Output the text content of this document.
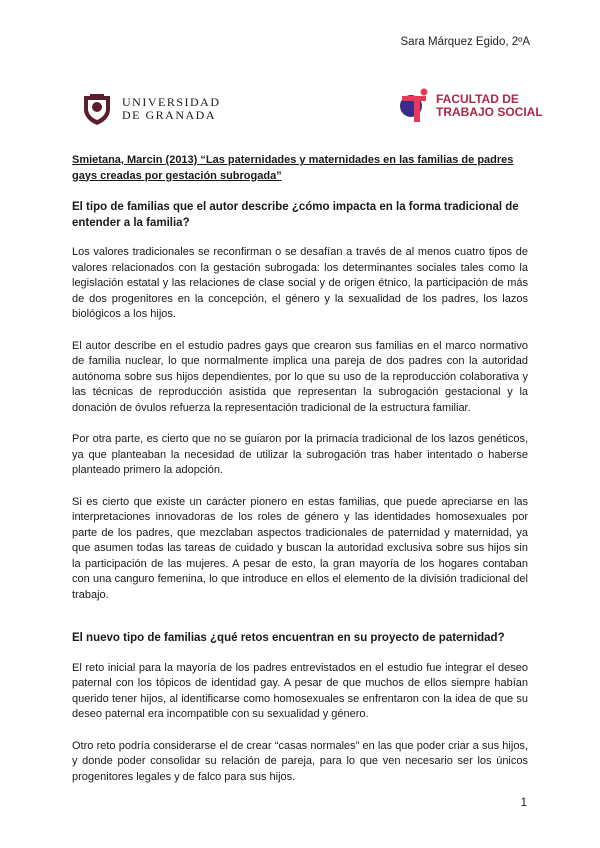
Sara Márquez Egido, 2ºA
UNIVERSIDAD
DE GRANADA
FACULTAD DE
TRABAJO SOCIAL

Smietana, Marcin (2013) “Las paternidades y maternidades en las familias de padres gays creadas por gestación subrogada”

El tipo de familias que el autor describe ¿cómo impacta en la forma tradicional de entender a la familia?

Los valores tradicionales se reconfirman o se desafían a través de al menos cuatro tipos de valores relacionados con la gestación subrogada: los determinantes sociales tales como la legislación estatal y las relaciones de clase social y de origen étnico, la participación de más de dos progenitores en la concepción, el género y la sexualidad de los padres, los lazos biológicos a los hijos.

El autor describe en el estudio padres gays que crearon sus familias en el marco normativo de familia nuclear, lo que normalmente implica una pareja de dos padres con la autoridad autónoma sobre sus hijos dependientes, por lo que su uso de la reproducción colaborativa y las técnicas de reproducción asistida que representan la subrogación gestacional y la donación de óvulos refuerza la representación tradicional de la estructura familiar.

Por otra parte, es cierto que no se guiaron por la primacía tradicional de los lazos genéticos, ya que planteaban la necesidad de utilizar la subrogación tras haber intentado o haberse planteado primero la adopción.

Si es cierto que existe un carácter pionero en estas familias, que puede apreciarse en las interpretaciones innovadoras de los roles de género y las identidades homosexuales por parte de los padres, que mezclaban aspectos tradicionales de paternidad y maternidad, ya que asumen todas las tareas de cuidado y buscan la autoridad exclusiva sobre sus hijos sin la participación de las mujeres. A pesar de esto, la gran mayoría de los hogares contaban con una canguro femenina, lo que introduce en ellos el elemento de la división tradicional del trabajo.

El nuevo tipo de familias ¿qué retos encuentran en su proyecto de paternidad?

El reto inicial para la mayoría de los padres entrevistados en el estudio fue integrar el deseo paternal con los tópicos de identidad gay. A pesar de que muchos de ellos siempre habían querido tener hijos, al identificarse como homosexuales se enfrentaron con la idea de que su deseo paternal era incompatible con su sexualidad y género.

Otro reto podría considerarse el de crear “casas normales” en las que poder criar a sus hijos, y donde poder consolidar su relación de pareja, para lo que ven necesario ser los únicos progenitores legales y de falco para sus hijos.

1
